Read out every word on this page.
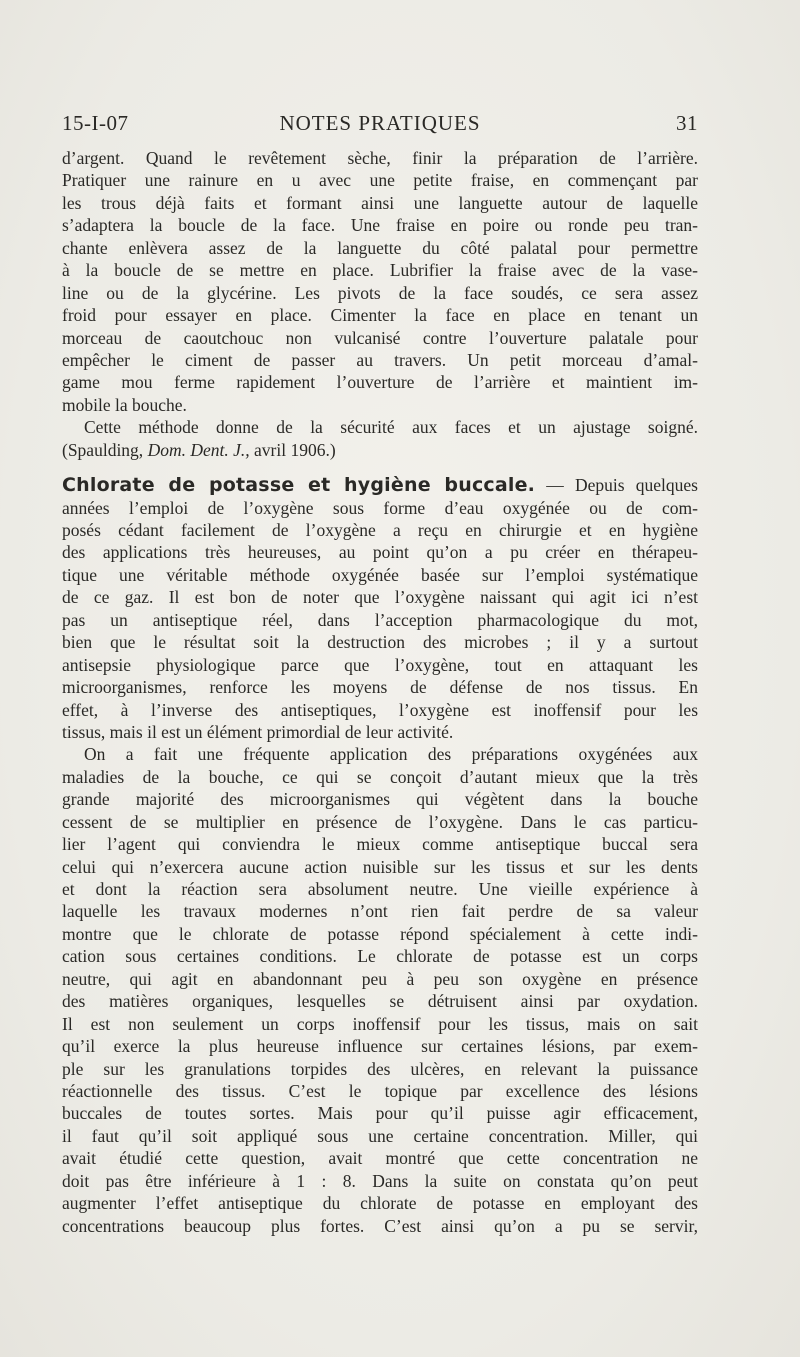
15-I-07	NOTES PRATIQUES	31
d’argent. Quand le revêtement sèche, finir la préparation de l’arrière.
Pratiquer une rainure en u avec une petite fraise, en commençant par
les trous déjà faits et formant ainsi une languette autour de laquelle
s’adaptera la boucle de la face. Une fraise en poire ou ronde peu tran-
chante enlèvera assez de la languette du côté palatal pour permettre
à la boucle de se mettre en place. Lubrifier la fraise avec de la vase-
line ou de la glycérine. Les pivots de la face soudés, ce sera assez
froid pour essayer en place. Cimenter la face en place en tenant un
morceau de caoutchouc non vulcanisé contre l’ouverture palatale pour
empêcher le ciment de passer au travers. Un petit morceau d’amal-
game mou ferme rapidement l’ouverture de l’arrière et maintient im-
mobile la bouche.
Cette méthode donne de la sécurité aux faces et un ajustage soigné.
(Spaulding, Dom. Dent. J., avril 1906.)
Chlorate de potasse et hygiène buccale. — Depuis quelques
années l’emploi de l’oxygène sous forme d’eau oxygénée ou de com-
posés cédant facilement de l’oxygène a reçu en chirurgie et en hygiène
des applications très heureuses, au point qu’on a pu créer en thérapeu-
tique une véritable méthode oxygénée basée sur l’emploi systématique
de ce gaz. Il est bon de noter que l’oxygène naissant qui agit ici n’est
pas un antiseptique réel, dans l’acception pharmacologique du mot,
bien que le résultat soit la destruction des microbes ; il y a surtout
antisepsie physiologique parce que l’oxygène, tout en attaquant les
microorganismes, renforce les moyens de défense de nos tissus. En
effet, à l’inverse des antiseptiques, l’oxygène est inoffensif pour les
tissus, mais il est un élément primordial de leur activité.
On a fait une fréquente application des préparations oxygénées aux
maladies de la bouche, ce qui se conçoit d’autant mieux que la très
grande majorité des microorganismes qui végètent dans la bouche
cessent de se multiplier en présence de l’oxygène. Dans le cas particu-
lier l’agent qui conviendra le mieux comme antiseptique buccal sera
celui qui n’exercera aucune action nuisible sur les tissus et sur les dents
et dont la réaction sera absolument neutre. Une vieille expérience à
laquelle les travaux modernes n’ont rien fait perdre de sa valeur
montre que le chlorate de potasse répond spécialement à cette indi-
cation sous certaines conditions. Le chlorate de potasse est un corps
neutre, qui agit en abandonnant peu à peu son oxygène en présence
des matières organiques, lesquelles se détruisent ainsi par oxydation.
Il est non seulement un corps inoffensif pour les tissus, mais on sait
qu’il exerce la plus heureuse influence sur certaines lésions, par exem-
ple sur les granulations torpides des ulcères, en relevant la puissance
réactionnelle des tissus. C’est le topique par excellence des lésions
buccales de toutes sortes. Mais pour qu’il puisse agir efficacement,
il faut qu’il soit appliqué sous une certaine concentration. Miller, qui
avait étudié cette question, avait montré que cette concentration ne
doit pas être inférieure à 1 : 8. Dans la suite on constata qu’on peut
augmenter l’effet antiseptique du chlorate de potasse en employant des
concentrations beaucoup plus fortes. C’est ainsi qu’on a pu se servir,
